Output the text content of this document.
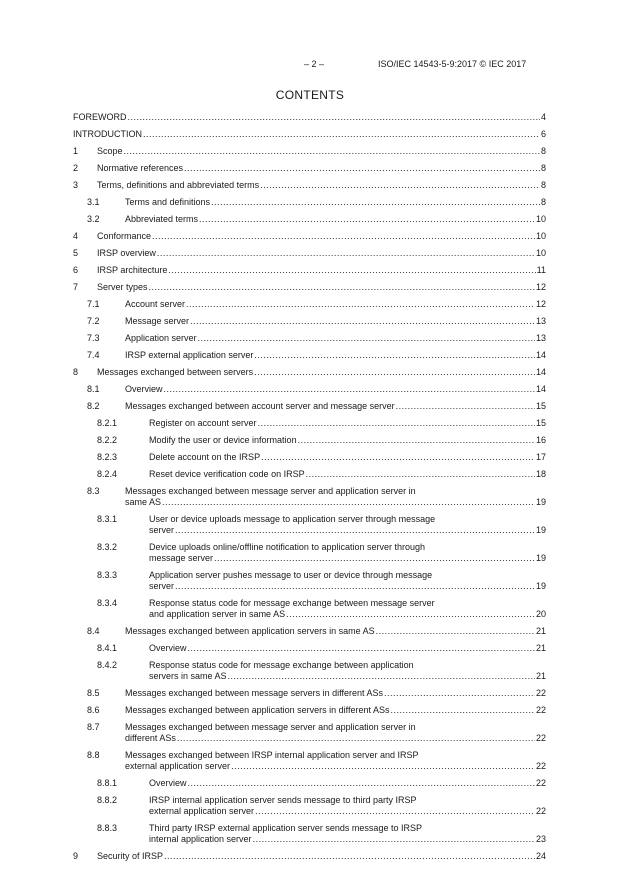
– 2 –	ISO/IEC 14543-5-9:2017 © IEC 2017
CONTENTS
FOREWORD .....	4
INTRODUCTION .....	6
1	Scope .....	8
2	Normative references .....	8
3	Terms, definitions and abbreviated terms .....	8
3.1	Terms and definitions .....	8
3.2	Abbreviated terms .....	10
4	Conformance .....	10
5	IRSP overview .....	10
6	IRSP architecture .....	11
7	Server types .....	12
7.1	Account server .....	12
7.2	Message server .....	13
7.3	Application server .....	13
7.4	IRSP external application server .....	14
8	Messages exchanged between servers .....	14
8.1	Overview .....	14
8.2	Messages exchanged between account server and message server .....	15
8.2.1	Register on account server .....	15
8.2.2	Modify the user or device information .....	16
8.2.3	Delete account on the IRSP .....	17
8.2.4	Reset device verification code on IRSP .....	18
8.3	Messages exchanged between message server and application server in
same AS .....	19
8.3.1	User or device uploads message to application server through message
server .....	19
8.3.2	Device uploads online/offline notification to application server through
message server .....	19
8.3.3	Application server pushes message to user or device through message
server .....	19
8.3.4	Response status code for message exchange between message server
and application server in same AS .....	20
8.4	Messages exchanged between application servers in same AS .....	21
8.4.1	Overview .....	21
8.4.2	Response status code for message exchange between application
servers in same AS .....	21
8.5	Messages exchanged between message servers in different ASs .....	22
8.6	Messages exchanged between application servers in different ASs .....	22
8.7	Messages exchanged between message server and application server in
different ASs .....	22
8.8	Messages exchanged between IRSP internal application server and IRSP
external application server .....	22
8.8.1	Overview .....	22
8.8.2	IRSP internal application server sends message to third party IRSP
external application server .....	22
8.8.3	Third party IRSP external application server sends message to IRSP
internal application server .....	23
9	Security of IRSP .....	24
